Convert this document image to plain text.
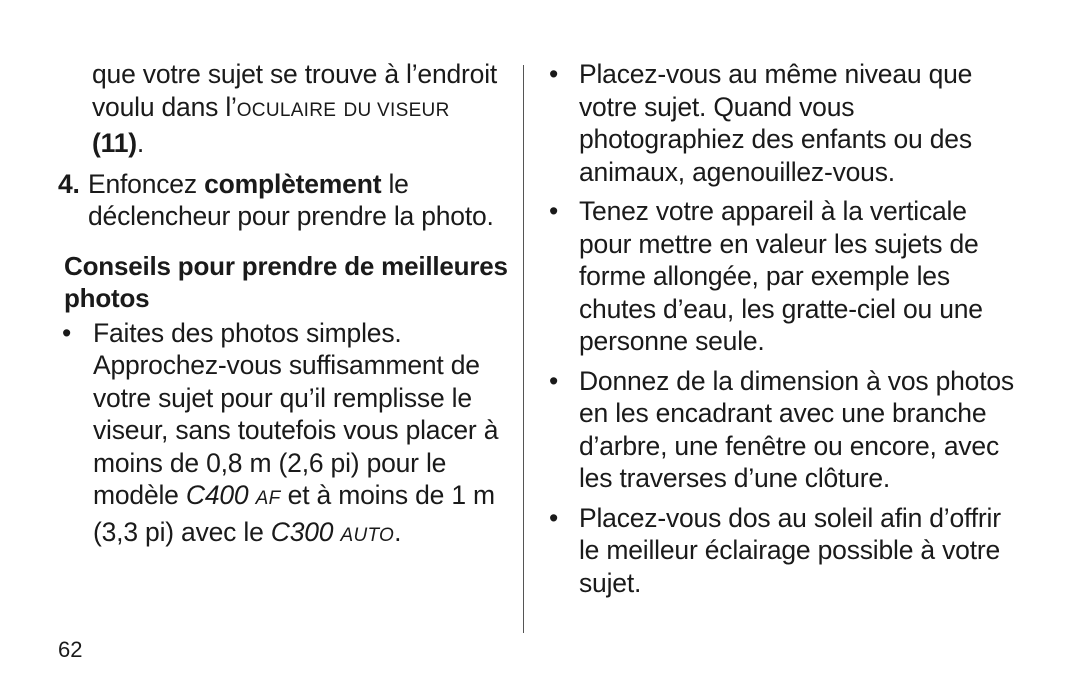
que votre sujet se trouve à l’endroit voulu dans l’OCULAIRE DU VISEUR (11).

4. Enfoncez complètement le déclencheur pour prendre la photo.
Conseils pour prendre de meilleures photos
• Faites des photos simples. Approchez-vous suffisamment de votre sujet pour qu’il remplisse le viseur, sans toutefois vous placer à moins de 0,8 m (2,6 pi) pour le modèle C400 AF et à moins de 1 m (3,3 pi) avec le C300 AUTO.
• Placez-vous au même niveau que votre sujet. Quand vous photographiez des enfants ou des animaux, agenouillez-vous.
• Tenez votre appareil à la verticale pour mettre en valeur les sujets de forme allongée, par exemple les chutes d’eau, les gratte-ciel ou une personne seule.
• Donnez de la dimension à vos photos en les encadrant avec une branche d’arbre, une fenêtre ou encore, avec les traverses d’une clôture.
• Placez-vous dos au soleil afin d’offrir le meilleur éclairage possible à votre sujet.
62
